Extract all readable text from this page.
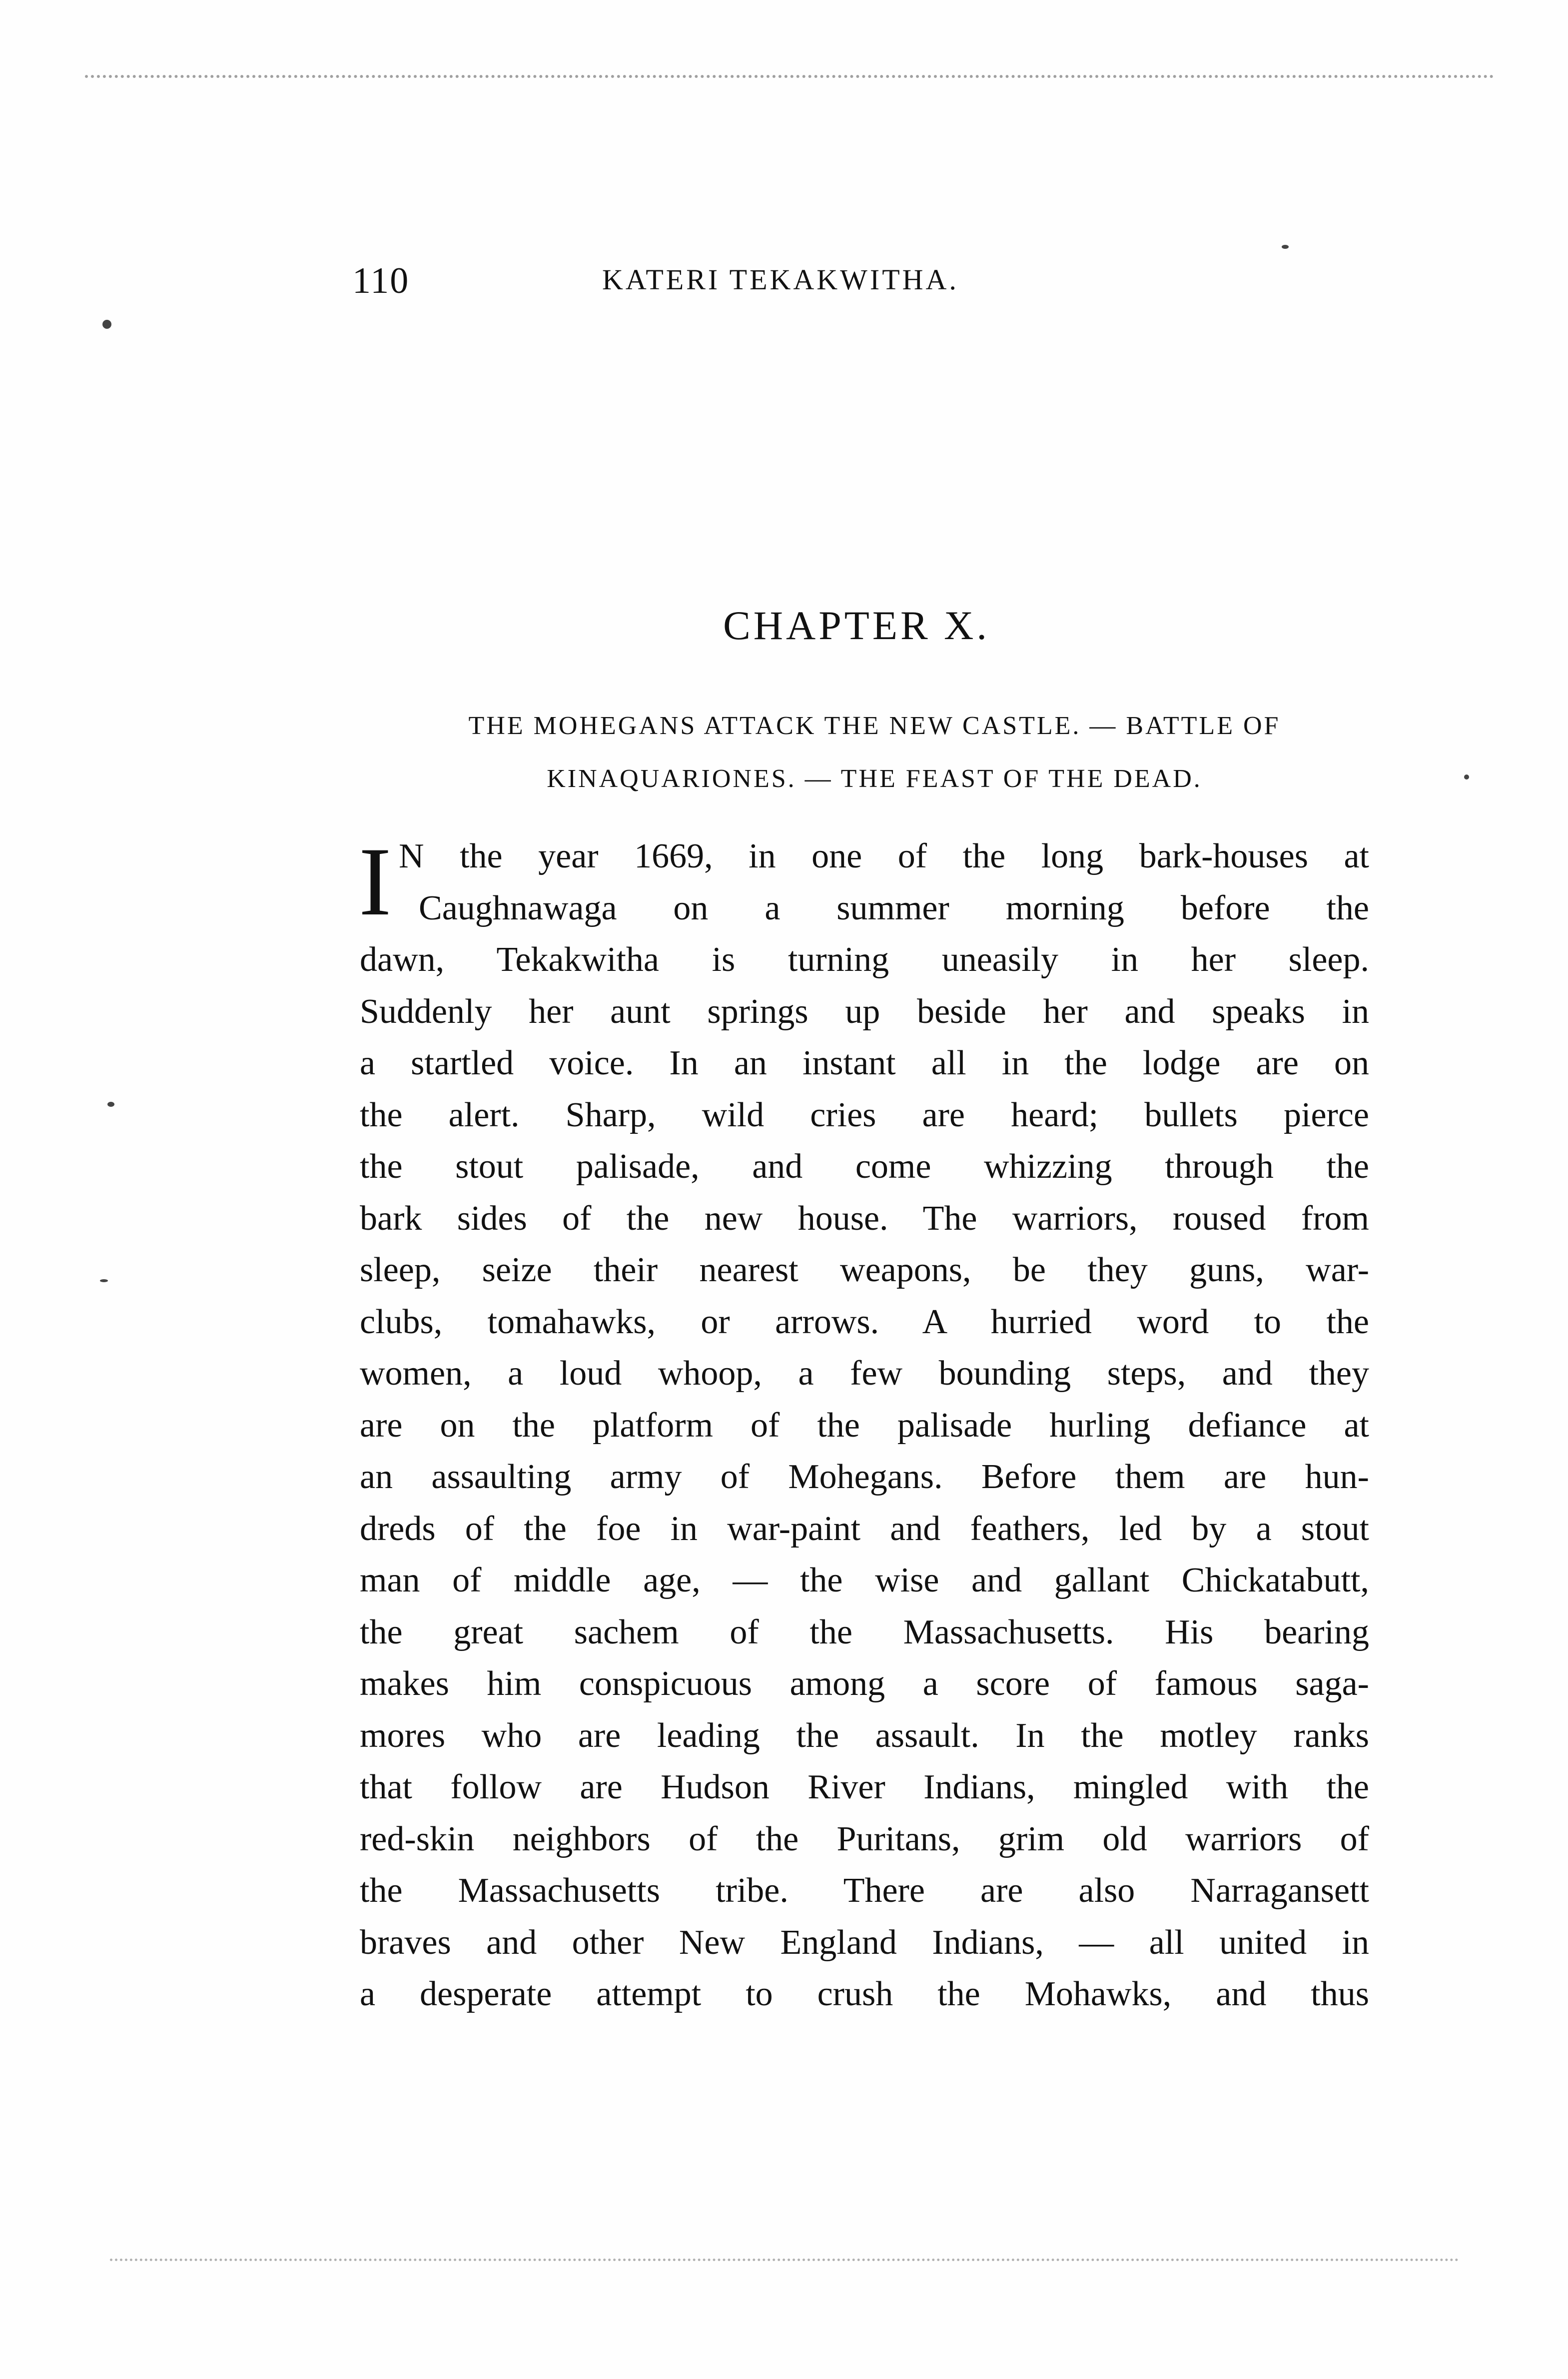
110	KATERI TEKAKWITHA.
CHAPTER X.
THE MOHEGANS ATTACK THE NEW CASTLE. — BATTLE OF
KINAQUARIONES. — THE FEAST OF THE DEAD.
I N the year 1669, in one of the long bark-houses at
Caughnawaga on a summer morning before the
dawn, Tekakwitha is turning uneasily in her sleep.
Suddenly her aunt springs up beside her and speaks in
a startled voice. In an instant all in the lodge are on
the alert. Sharp, wild cries are heard; bullets pierce
the stout palisade, and come whizzing through the
bark sides of the new house. The warriors, roused from
sleep, seize their nearest weapons, be they guns, war-
clubs, tomahawks, or arrows. A hurried word to the
women, a loud whoop, a few bounding steps, and they
are on the platform of the palisade hurling defiance at
an assaulting army of Mohegans. Before them are hun-
dreds of the foe in war-paint and feathers, led by a stout
man of middle age, — the wise and gallant Chickatabutt,
the great sachem of the Massachusetts. His bearing
makes him conspicuous among a score of famous saga-
mores who are leading the assault. In the motley ranks
that follow are Hudson River Indians, mingled with the
red-skin neighbors of the Puritans, grim old warriors of
the Massachusetts tribe. There are also Narragansett
braves and other New England Indians, — all united in
a desperate attempt to crush the Mohawks, and thus
